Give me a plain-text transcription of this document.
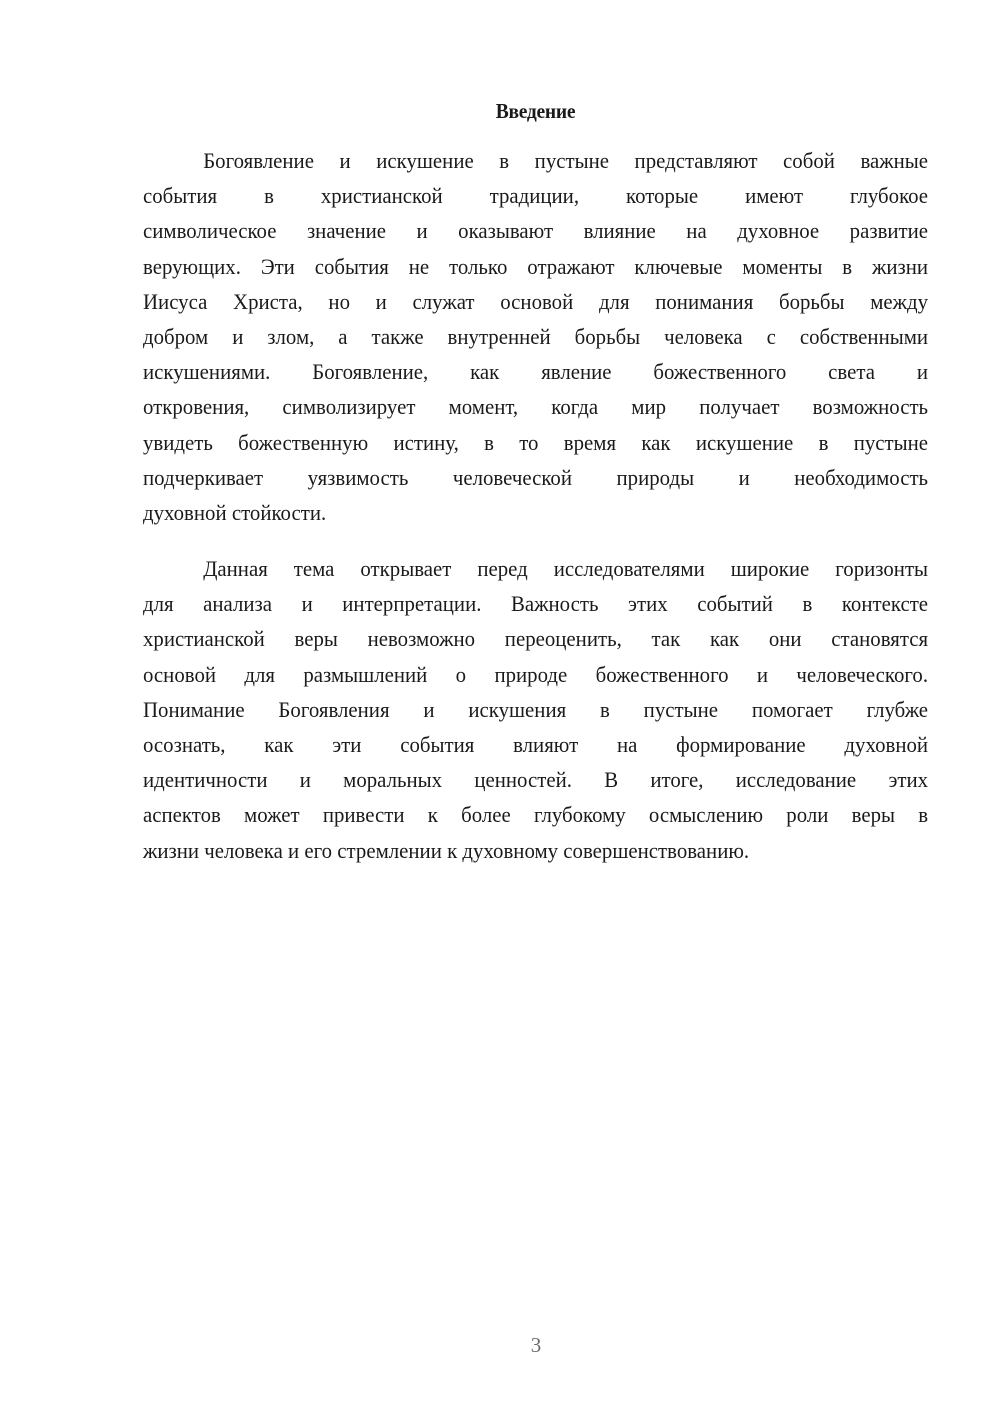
Введение
Богоявление и искушение в пустыне представляют собой важные
события в христианской традиции, которые имеют глубокое
символическое значение и оказывают влияние на духовное развитие
верующих. Эти события не только отражают ключевые моменты в жизни
Иисуса Христа, но и служат основой для понимания борьбы между
добром и злом, а также внутренней борьбы человека с собственными
искушениями. Богоявление, как явление божественного света и
откровения, символизирует момент, когда мир получает возможность
увидеть божественную истину, в то время как искушение в пустыне
подчеркивает уязвимость человеческой природы и необходимость
духовной стойкости.
Данная тема открывает перед исследователями широкие горизонты
для анализа и интерпретации. Важность этих событий в контексте
христианской веры невозможно переоценить, так как они становятся
основой для размышлений о природе божественного и человеческого.
Понимание Богоявления и искушения в пустыне помогает глубже
осознать, как эти события влияют на формирование духовной
идентичности и моральных ценностей. В итоге, исследование этих
аспектов может привести к более глубокому осмыслению роли веры в
жизни человека и его стремлении к духовному совершенствованию.
3
